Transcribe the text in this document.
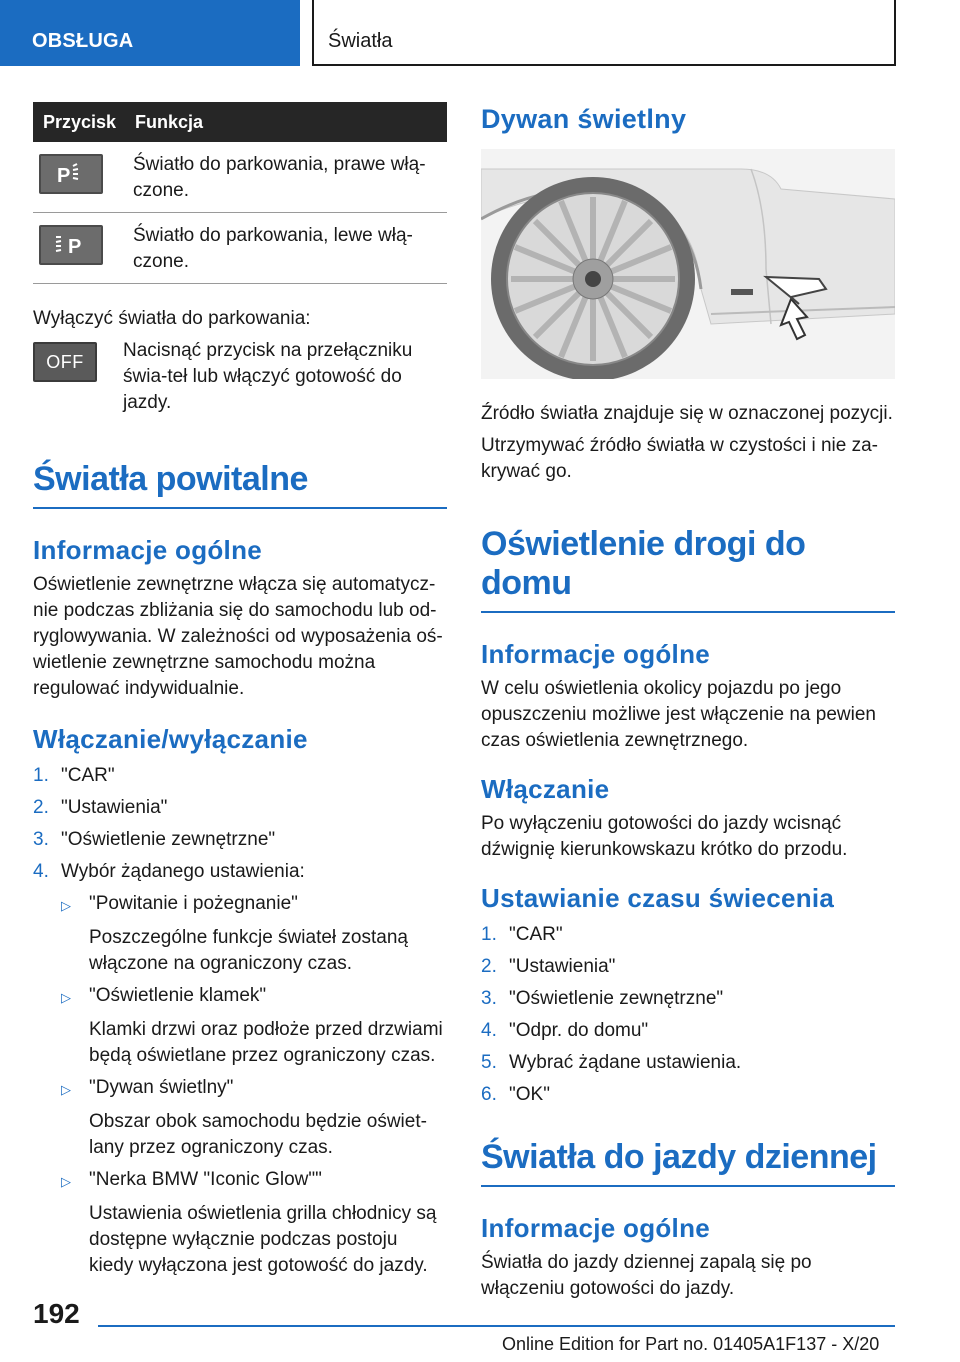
OBSŁUGA	Światła
Przycisk	Funkcja
P
Światło do parkowania, prawe włą-czone.
P
Światło do parkowania, lewe włą-czone.

Wyłączyć światła do parkowania:

OFF

Nacisnąć przycisk na przełączniku świa-teł lub włączyć gotowość do jazdy.

Światła powitalne
Informacje ogólne

Oświetlenie zewnętrzne włącza się automatycz-nie podczas zbliżania się do samochodu lub od-ryglowywania. W zależności od wyposażenia oś-wietlenie zewnętrzne samochodu można regulować indywidualnie.

Włączanie/wyłączanie
1. "CAR"
2. "Ustawienia"
3. "Oświetlenie zewnętrzne"
4. Wybór żądanego ustawienia:
▷ "Powitanie i pożegnanie"
Poszczególne funkcje świateł zostaną włączone na ograniczony czas.
▷ "Oświetlenie klamek"
Klamki drzwi oraz podłoże przed drzwiami będą oświetlane przez ograniczony czas.
▷ "Dywan świetlny"
Obszar obok samochodu będzie oświet-lany przez ograniczony czas.
▷ "Nerka BMW "Iconic Glow""
Ustawienia oświetlenia grilla chłodnicy są dostępne wyłącznie podczas postoju kiedy wyłączona jest gotowość do jazdy.
Dywan świetlny

Źródło światła znajduje się w oznaczonej pozycji.

Utrzymywać źródło światła w czystości i nie za-krywać go.

Oświetlenie drogi do domu
Informacje ogólne

W celu oświetlenia okolicy pojazdu po jego opuszczeniu możliwe jest włączenie na pewien czas oświetlenia zewnętrznego.

Włączanie

Po wyłączeniu gotowości do jazdy wcisnąć dźwignię kierunkowskazu krótko do przodu.

Ustawianie czasu świecenia
1. "CAR"
2. "Ustawienia"
3. "Oświetlenie zewnętrzne"
4. "Odpr. do domu"
5. Wybrać żądane ustawienia.
6. "OK"
Światła do jazdy dziennej
Informacje ogólne

Światła do jazdy dziennej zapalą się po włączeniu gotowości do jazdy.

192
Online Edition for Part no. 01405A1F137 - X/20
